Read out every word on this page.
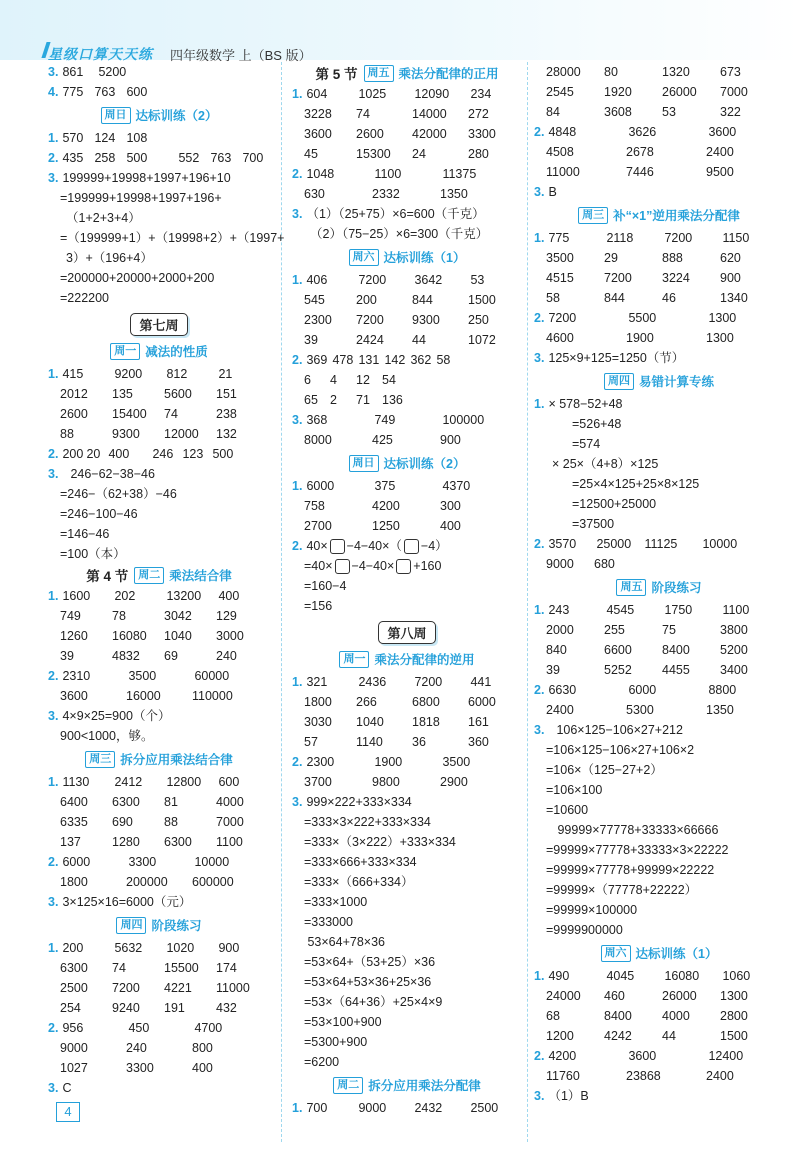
星级口算天天练 四年级数学 上（BS 版）
3. 861	5200
4. 775 763 600
周日 达标训练（2）
1. 570 124 108
2. 435 258 500	552 763 700
3. 199999+19998+1997+196+10
=199999+19998+1997+196+
（1+2+3+4）
=（199999+1）+（19998+2）+（1997+
3）+（196+4）
=200000+20000+2000+200
=222200
第七周
周一 减法的性质
1. 415	9200	812	21
2012	135	5600	151
2600	15400	74	238
88	9300	12000	132
2. 200 20 400	246 123 500
3. 246−62−38−46
=246−（62+38）−46
=246−100−46
=146−46
=100（本）
第 4 节 周二 乘法结合律
1. 1600	202	13200	400
749	78	3042	129
1260	16080	1040	3000
39	4832	69	240
2. 2310	3500	60000
3600	16000	110000
3. 4×9×25=900（个）
900<1000，够。
周三 拆分应用乘法结合律
1. 1130	2412	12800	600
6400	6300	81	4000
6335	690	88	7000
137	1280	6300	1100
2. 6000	3300	10000
1800	200000	600000
3. 3×125×16=6000（元）
周四 阶段练习
1. 200	5632	1020	900
6300	74	15500	174
2500	7200	4221	11000
254	9240	191	432
2. 956	450	4700
9000	240	800
1027	3300	400
3. C
第 5 节 周五 乘法分配律的正用
1. 604	1025	12090	234
3228	74	14000	272
3600	2600	42000	3300
45	15300	24	280
2. 1048	1100	11375
630	2332	1350
3. （1）（25+75）×6=600（千克）
（2）（75−25）×6=300（千克）
周六 达标训练（1）
1. 406	7200	3642	53
545	200	844	1500
2300	7200	9300	250
39	2424	44	1072
2. 369 478 131 142 362 58
6	4	12 54
65 2	71 136
3. 368	749	100000
8000	425	900
周日 达标训练（2）
1. 6000	375	4370
758	4200	300
2700	1250	400
2. 40× −4−40×（ −4）
=40× −4−40× +160
=160−4
=156
第八周
周一 乘法分配律的逆用
1. 321	2436	7200	441
1800	266	6800	6000
3030	1040	1818	161
57	1140	36	360
2. 2300	1900	3500
3700	9800	2900
3. 999×222+333×334
=333×3×222+333×334
=333×（3×222）+333×334
=333×666+333×334
=333×（666+334）
=333×1000
=333000
53×64+78×36
=53×64+（53+25）×36
=53×64+53×36+25×36
=53×（64+36）+25×4×9
=53×100+900
=5300+900
=6200
周二 拆分应用乘法分配律
1. 700	9000	2432	2500
28000	80	1320	673
2545	1920	26000	7000
84	3608	53	322
2. 4848	3626	3600
4508	2678	2400
11000	7446	9500
3. B
周三 补“×1”逆用乘法分配律
1. 775	2118	7200	1150
3500	29	888	620
4515	7200	3224	900
58	844	46	1340
2. 7200	5500	1300
4600	1900	1300
3. 125×9+125=1250（节）
周四 易错计算专练
1. × 578−52+48
=526+48
=574
× 25×（4+8）×125
=25×4×125+25×8×125
=12500+25000
=37500
2. 3570	25000	11125	10000
9000	680
周五 阶段练习
1. 243	4545	1750	1100
2000	255	75	3800
840	6600	8400	5200
39	5252	4455	3400
2. 6630	6000	8800
2400	5300	1350
3. 106×125−106×27+212
=106×125−106×27+106×2
=106×（125−27+2）
=106×100
=10600
99999×77778+33333×66666
=99999×77778+33333×3×22222
=99999×77778+99999×22222
=99999×（77778+22222）
=99999×100000
=9999900000
周六 达标训练（1）
1. 490	4045	16080	1060
24000	460	26000	1300
68	8400	4000	2800
1200	4242	44	1500
2. 4200	3600	12400
11760	23868	2400
3. （1）B
4
